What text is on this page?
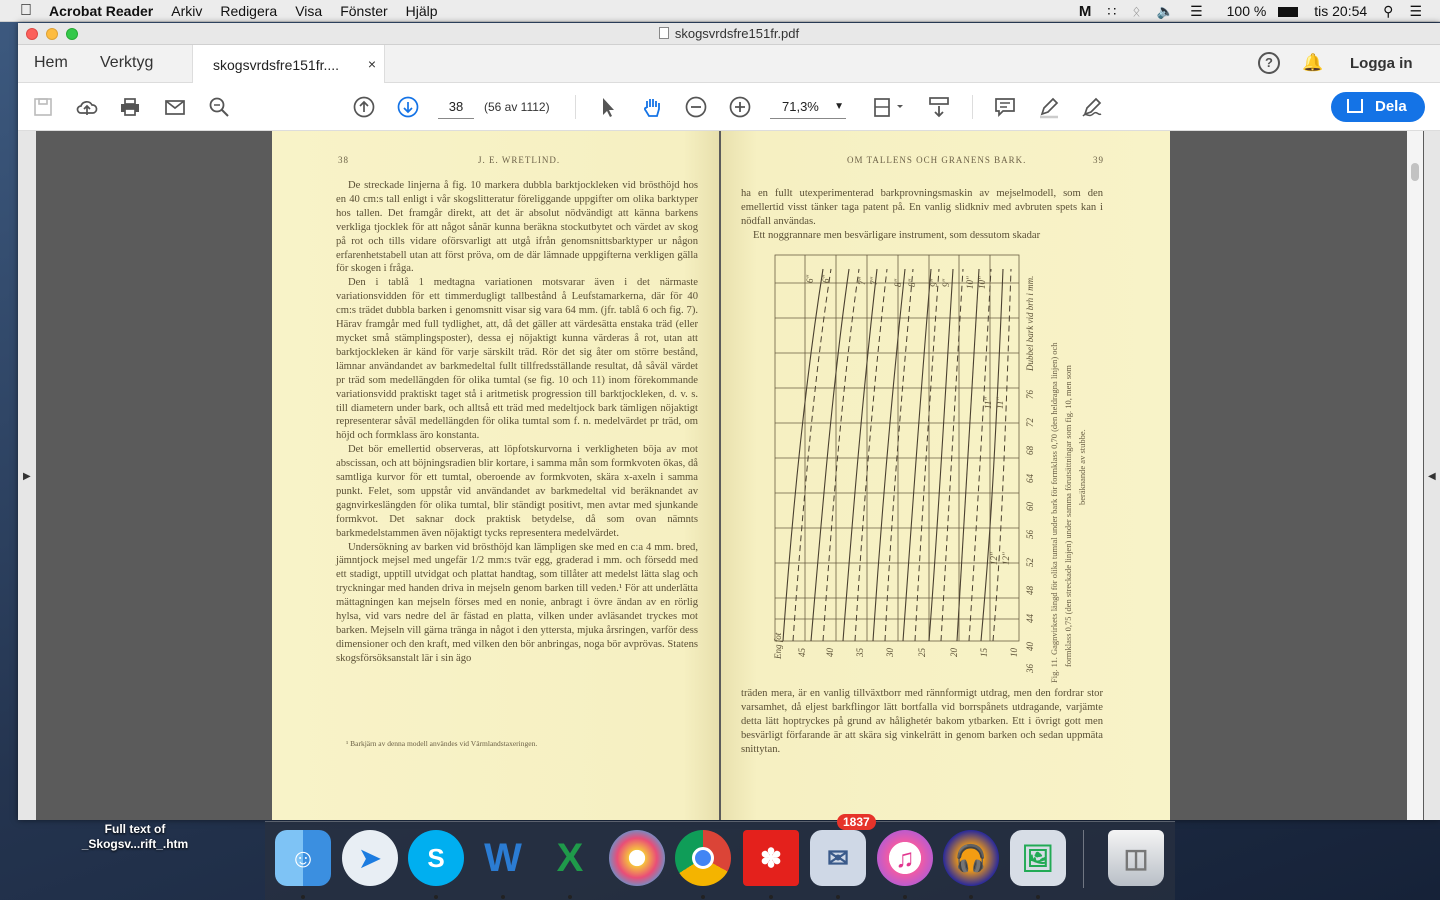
Acrobat Reader	Arkiv	Redigera	Visa	Fönster	Hjälp	M	∷	ᛟ	🔈	☰	100 %	tis 20:54	⚲	☰
skogsvrdsfre151fr.pdf
Hem Verktyg	skogsvrdsfre151fr.... ×	?	🔔 Logga in
38	(56 av 1112)	71,3% ▼	Dela
▶
38	J. E. WRETLIND.

De streckade linjerna å fig. 10 markera dubbla barktjockleken vid brösthöjd hos en 40 cm:s tall enligt i vår skogslitteratur föreliggande uppgifter om olika barktyper hos tallen. Det framgår direkt, att det är absolut nödvändigt att känna barkens verkliga tjocklek för att något sånär kunna beräkna stockutbytet och värdet av skog på rot och tills vidare oförsvarligt att utgå ifrån genomsnittsbarktyper ur någon erfarenhetstabell utan att först pröva, om de där lämnade uppgifterna verkligen gälla för skogen i fråga.

Den i tablå 1 medtagna variationen motsvarar även i det närmaste variationsvidden för ett timmerdugligt tallbestånd å Leufstamarkerna, där för 40 cm:s trädet dubbla barken i genomsnitt visar sig vara 64 mm. (jfr. tablå 6 och fig. 7). Härav framgår med full tydlighet, att, då det gäller att värdesätta enstaka träd (eller mycket små stämplingsposter), dessa ej nöjaktigt kunna värderas å rot, utan att barktjockleken är känd för varje särskilt träd. Rör det sig åter om större bestånd, lämnar användandet av barkmedeltal fullt tillfredsställande resultat, då såväl värdet pr träd som medellängden för olika tumtal (se fig. 10 och 11) inom förekommande variationsvidd praktiskt taget stå i aritmetisk progression till barktjockleken, d. v. s. till diametern under bark, och alltså ett träd med medeltjock bark tämligen nöjaktigt representerar såväl medellängden för olika tumtal som f. n. medelvärdet pr träd, om höjd och formklass äro konstanta.

Det bör emellertid observeras, att löpfotskurvorna i verkligheten böja av mot abscissan, och att böjningsradien blir kortare, i samma mån som formkvoten ökas, då samtliga kurvor för ett tumtal, oberoende av formkvoten, skära x-axeln i samma punkt. Felet, som uppstår vid användandet av barkmedeltal vid beräknandet av gagnvirkeslängden för olika tumtal, blir ständigt positivt, men avtar med sjunkande formkvot. Det saknar dock praktisk betydelse, då som ovan nämnts barkmedelstammen även nöjaktigt tycks representera medelvärdet.

Undersökning av barken vid brösthöjd kan lämpligen ske med en c:a 4 mm. bred, jämntjock mejsel med ungefär 1/2 mm:s tvär egg, graderad i mm. och försedd med ett stadigt, upptill utvidgat och plattat handtag, som tillåter att medelst lätta slag och tryckningar med handen driva in mejseln genom barken till veden.¹ För att underlätta mättagningen kan mejseln förses med en nonie, anbragt i övre ändan av en rörlig hylsa, vid vars nedre del är fästad en platta, vilken under avläsandet tryckes mot barken. Mejseln vill gärna tränga in något i den yttersta, mjuka årsringen, varför dess dimensioner och den kraft, med vilken den bör anbringas, noga bör avprövas. Statens skogsförsöksanstalt lär i sin ägo

¹ Barkjärn av denna modell användes vid Värmlandstaxeringen.
OM TALLENS OCH GRANENS BARK.	39

ha en fullt utexperimenterad barkprovningsmaskin av mejselmodell, som den emellertid visst tänker taga patent på. En vanlig slidkniv med avbruten spets kan i nödfall användas.

Ett noggrannare men besvärligare instrument, som dessutom skadar

6" 6"	7" 7" 8" 8" 9" 9" 10" 10"
11" 11"
12" 12"
Eng fot 45 40 35 30 25 20 15 10
76
72
68
64
60
56
52
48
44
40
36
Dubbel bark vid brh i mm.
Fig. 11. Gagnvirkets längd för olika tumtal under bark för formklass 0,70 (den heldragna linjen) och formklass 0,75 (den streckade linjen) under samma förutsättningar som fig. 10, men som beräknande av stubbe.

träden mera, är en vanlig tillväxtborr med rännformigt utdrag, men den fordrar stor varsamhet, då eljest barkflingor lätt bortfalla vid borrspånets utdragande, varjämte detta lätt hoptryckes på grund av hålighetér bakom ytbarken. Ett i övrigt gott men besvärligt förfarande är att skära sig vinkelrätt in genom barken och sedan uppmäta snittytan.

◀
Full text of
_Skogsv...rift_.htm	☺	➤	S W X	✽	✉
1837
♫	🎧	🖼	◫
